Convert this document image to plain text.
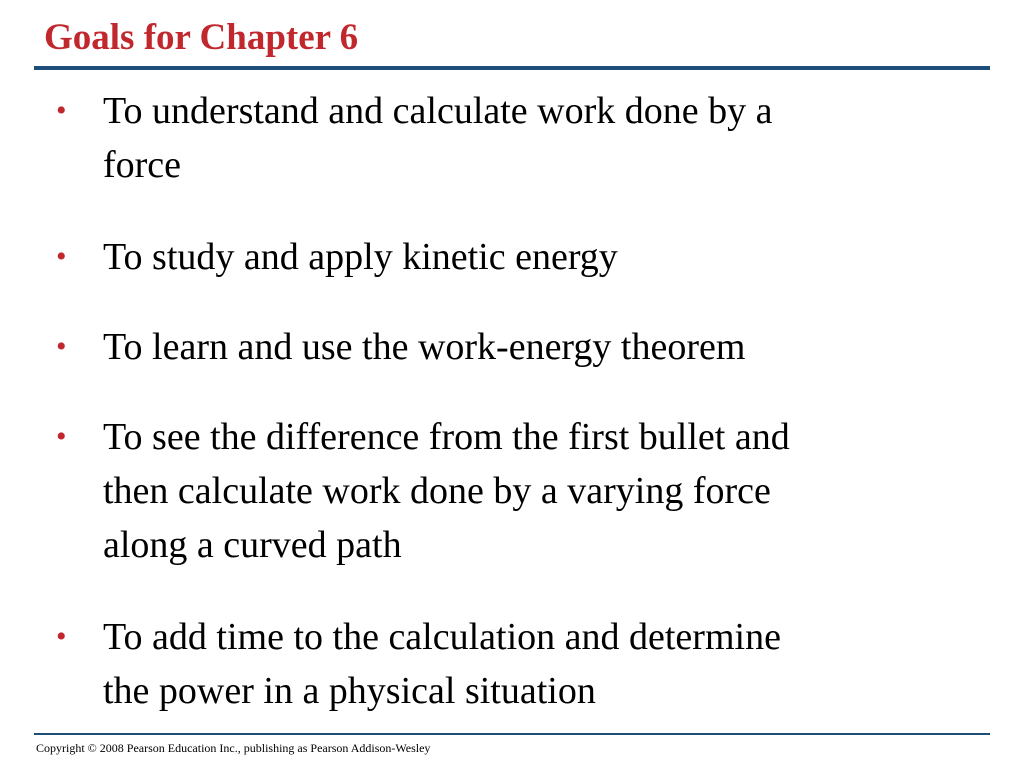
Goals for Chapter 6
• To understand and calculate work done by a
force
• To study and apply kinetic energy
• To learn and use the work-energy theorem
• To see the difference from the first bullet and
then calculate work done by a varying force
along a curved path
• To add time to the calculation and determine
the power in a physical situation
Copyright © 2008 Pearson Education Inc., publishing as Pearson Addison-Wesley
